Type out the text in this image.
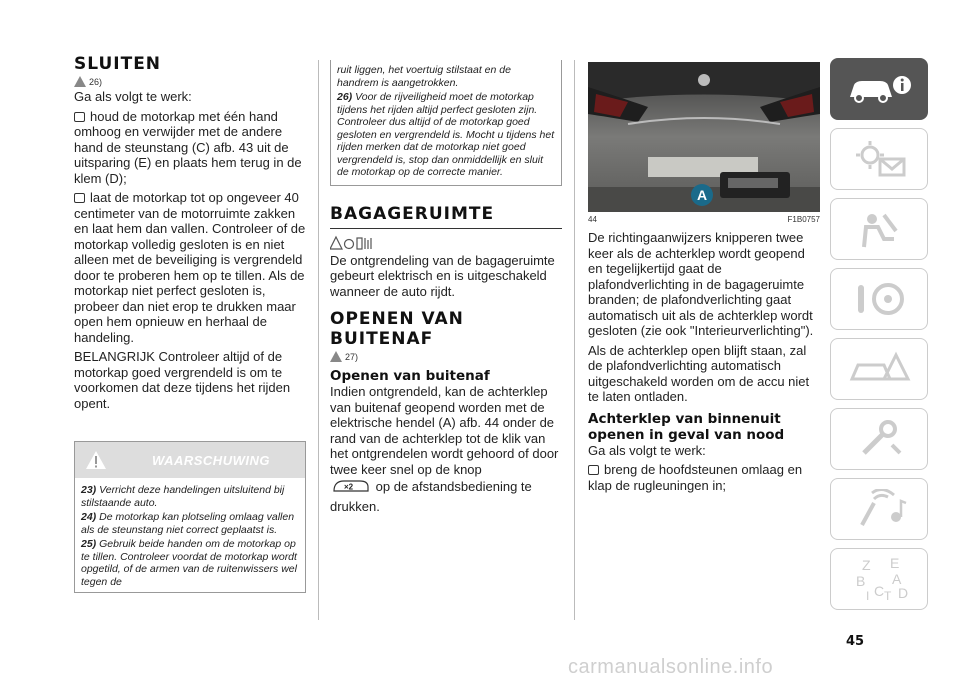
SLUITEN
26)

Ga als volgt te werk:

houd de motorkap met één hand omhoog en verwijder met de andere hand de steunstang (C) afb. 43 uit de uitsparing (E) en plaats hem terug in de klem (D);

laat de motorkap tot op ongeveer 40 centimeter van de motorruimte zakken en laat hem dan vallen. Controleer of de motorkap volledig gesloten is en niet alleen met de beveiliging is vergrendeld door te proberen hem op te tillen. Als de motorkap niet perfect gesloten is, probeer dan niet erop te drukken maar open hem opnieuw en herhaal de handeling.

BELANGRIJK Controleer altijd of de motorkap goed vergrendeld is om te voorkomen dat deze tijdens het rijden opent.

WAARSCHUWING
23) Verricht deze handelingen uitsluitend bij stilstaande auto.
24) De motorkap kan plotseling omlaag vallen als de steunstang niet correct geplaatst is.
25) Gebruik beide handen om de motorkap op te tillen. Controleer voordat de motorkap wordt opgetild, of de armen van de ruitenwissers wel tegen de
ruit liggen, het voertuig stilstaat en de handrem is aangetrokken.
26) Voor de rijveiligheid moet de motorkap tijdens het rijden altijd perfect gesloten zijn. Controleer dus altijd of de motorkap goed gesloten en vergrendeld is. Mocht u tijdens het rijden merken dat de motorkap niet goed vergrendeld is, stop dan onmiddellijk en sluit de motorkap op de correcte manier.
BAGAGERUIMTE

De ontgrendeling van de bagageruimte gebeurt elektrisch en is uitgeschakeld wanneer de auto rijdt.

OPENEN VAN BUITENAF
27)
Openen van buitenaf

Indien ontgrendeld, kan de achterklep van buitenaf geopend worden met de elektrische hendel (A) afb. 44 onder de rand van de achterklep tot de klik van het ontgrendelen wordt gehoord of door twee keer snel op de knop

×2 op de afstandsbediening te drukken.

A
44	F1B0757

De richtingaanwijzers knipperen twee keer als de achterklep wordt geopend en tegelijkertijd gaat de plafondverlichting in de bagageruimte branden; de plafondverlichting gaat automatisch uit als de achterklep wordt gesloten (zie ook "Interieurverlichting").

Als de achterklep open blijft staan, zal de plafondverlichting automatisch uitgeschakeld worden om de accu niet te laten ontladen.

Achterklep van binnenuit openen in geval van nood

Ga als volgt te werk:

breng de hoofdsteunen omlaag en klap de rugleuningen in;

Z E
B A
C D
I T
45
carmanualsonline.info
